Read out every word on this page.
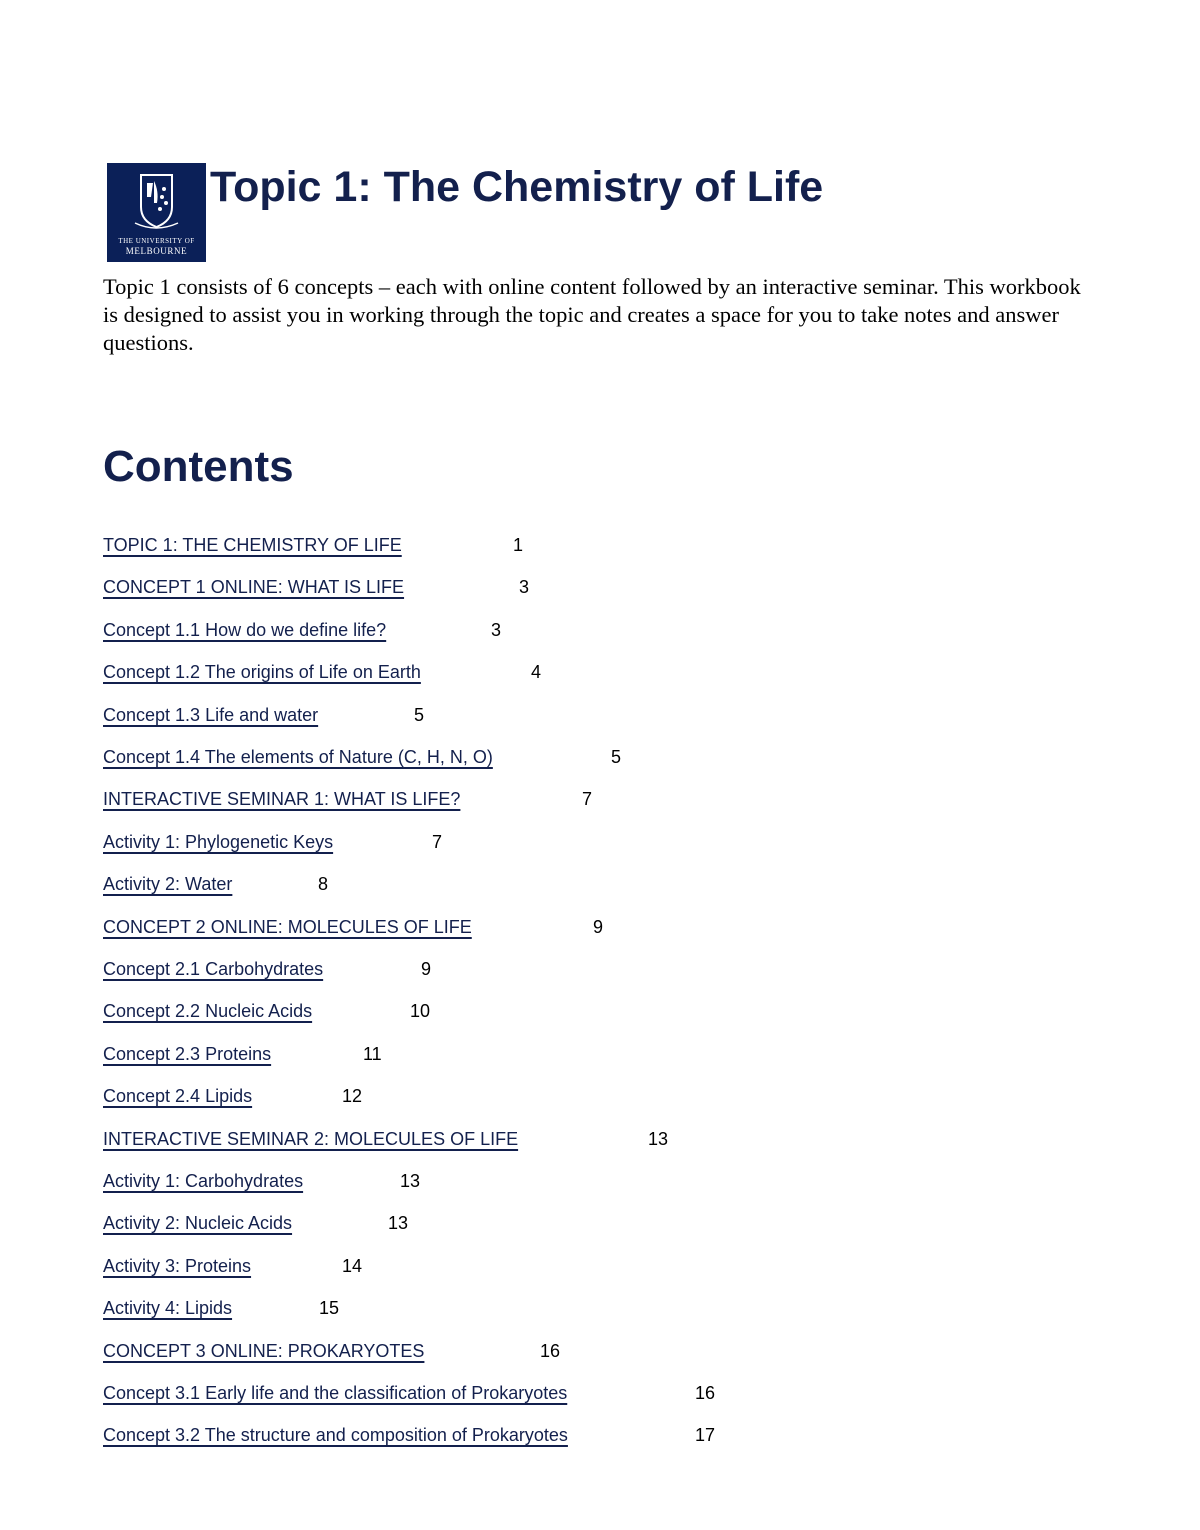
THE UNIVERSITY OF
MELBOURNE
Topic 1: The Chemistry of Life

Topic 1 consists of 6 concepts – each with online content followed by an interactive seminar. This workbook is designed to assist you in working through the topic and creates a space for you to take notes and answer questions.

Contents
TOPIC 1: THE CHEMISTRY OF LIFE	1
CONCEPT 1 ONLINE: WHAT IS LIFE	3
Concept 1.1 How do we define life?	3
Concept 1.2 The origins of Life on Earth	4
Concept 1.3 Life and water	5
Concept 1.4 The elements of Nature (C, H, N, O)	5
INTERACTIVE SEMINAR 1: WHAT IS LIFE?	7
Activity 1: Phylogenetic Keys	7
Activity 2: Water	8
CONCEPT 2 ONLINE: MOLECULES OF LIFE	9
Concept 2.1 Carbohydrates	9
Concept 2.2 Nucleic Acids	10
Concept 2.3 Proteins	11
Concept 2.4 Lipids	12
INTERACTIVE SEMINAR 2: MOLECULES OF LIFE	13
Activity 1: Carbohydrates	13
Activity 2: Nucleic Acids	13
Activity 3: Proteins	14
Activity 4: Lipids	15
CONCEPT 3 ONLINE: PROKARYOTES	16
Concept 3.1 Early life and the classification of Prokaryotes	16
Concept 3.2 The structure and composition of Prokaryotes	17
